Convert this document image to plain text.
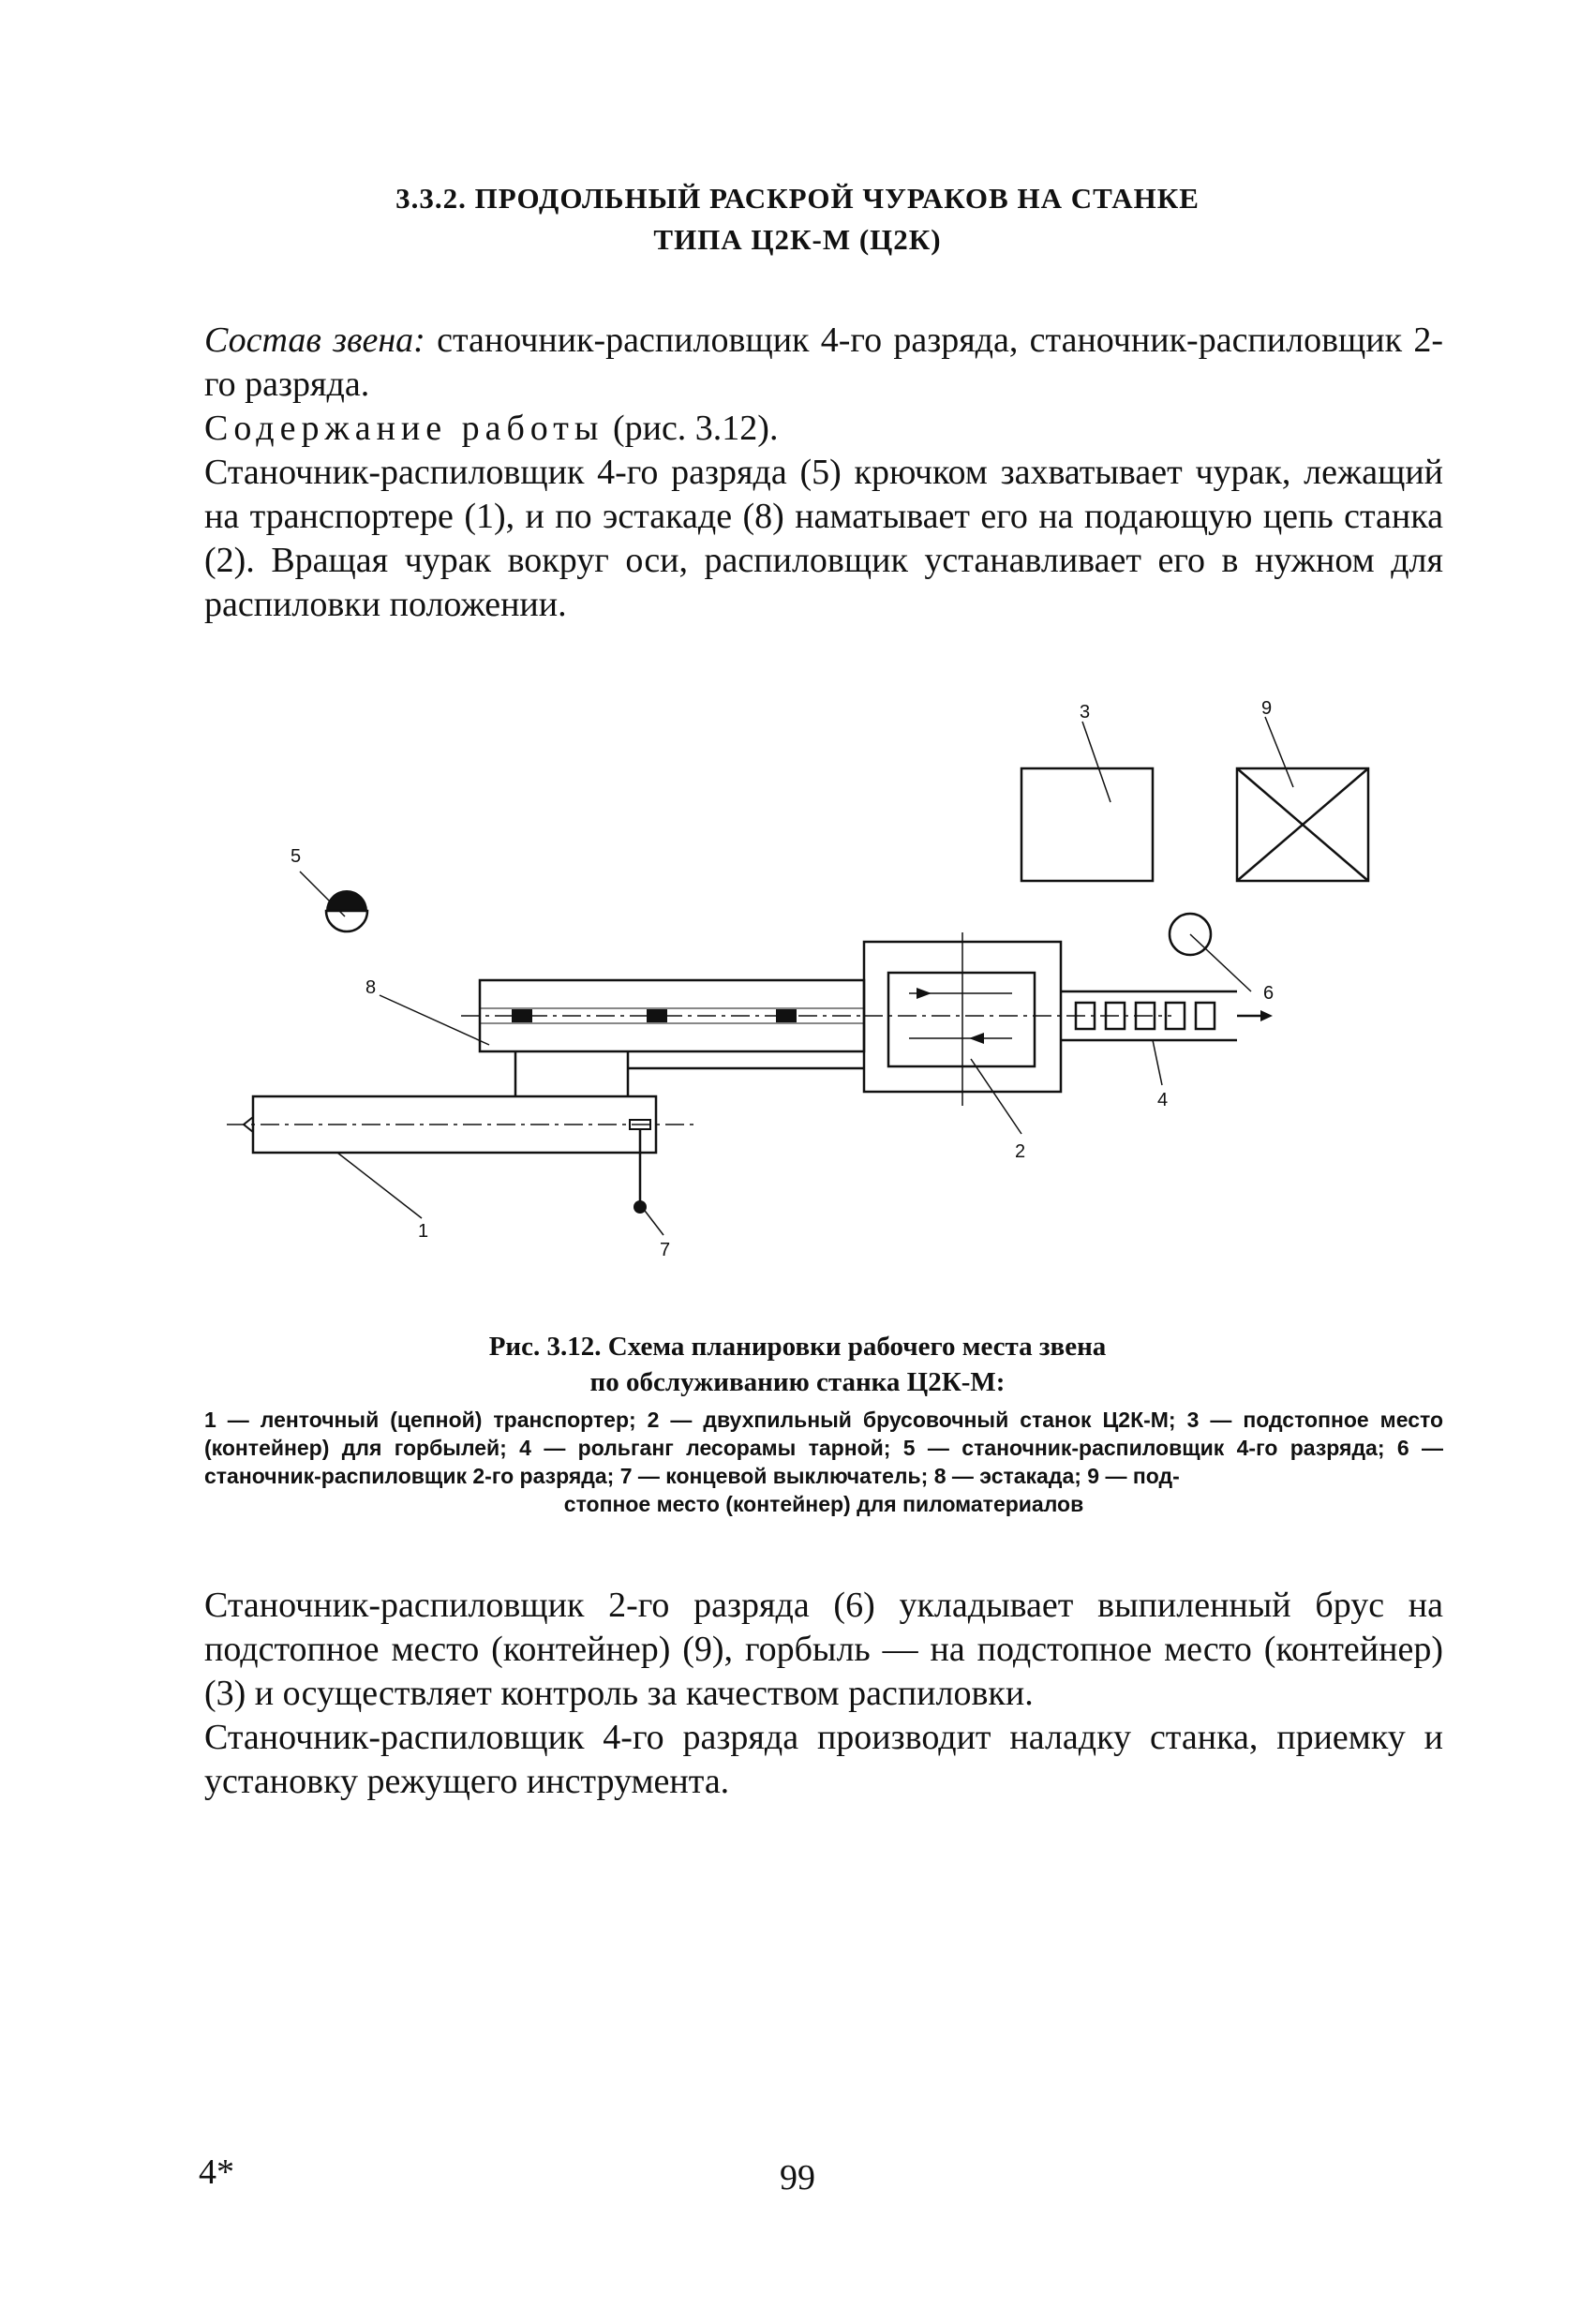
3.3.2. ПРОДОЛЬНЫЙ РАСКРОЙ ЧУРАКОВ НА СТАНКЕ
ТИПА Ц2К-М (Ц2К)

Состав звена: станочник-распиловщик 4-го разряда, станочник-распиловщик 2-го разряда.

Содержание работы (рис. 3.12).

Станочник-распиловщик 4-го разряда (5) крючком захватывает чурак, лежащий на транспортере (1), и по эстакаде (8) наматывает его на подающую цепь станка (2). Вращая чурак вокруг оси, распиловщик устанавливает его в нужном для распиловки положении.

3	9
5
6
8
4
2
1
7
Рис. 3.12. Схема планировки рабочего места звена
по обслуживанию станка Ц2К-М:
1 — ленточный (цепной) транспортер; 2 — двухпильный брусовочный станок Ц2К-М; 3 — подстопное место (контейнер) для горбылей; 4 — рольганг лесорамы тарной; 5 — станочник-распиловщик 4-го разряда; 6 — станочник-распиловщик 2-го разряда; 7 — концевой выключатель; 8 — эстакада; 9 — под-
стопное место (контейнер) для пиломатериалов

Станочник-распиловщик 2-го разряда (6) укладывает выпиленный брус на подстопное место (контейнер) (9), горбыль — на подстопное место (контейнер) (3) и осуществляет контроль за качеством распиловки.

Станочник-распиловщик 4-го разряда производит наладку станка, приемку и установку режущего инструмента.

4*	99
